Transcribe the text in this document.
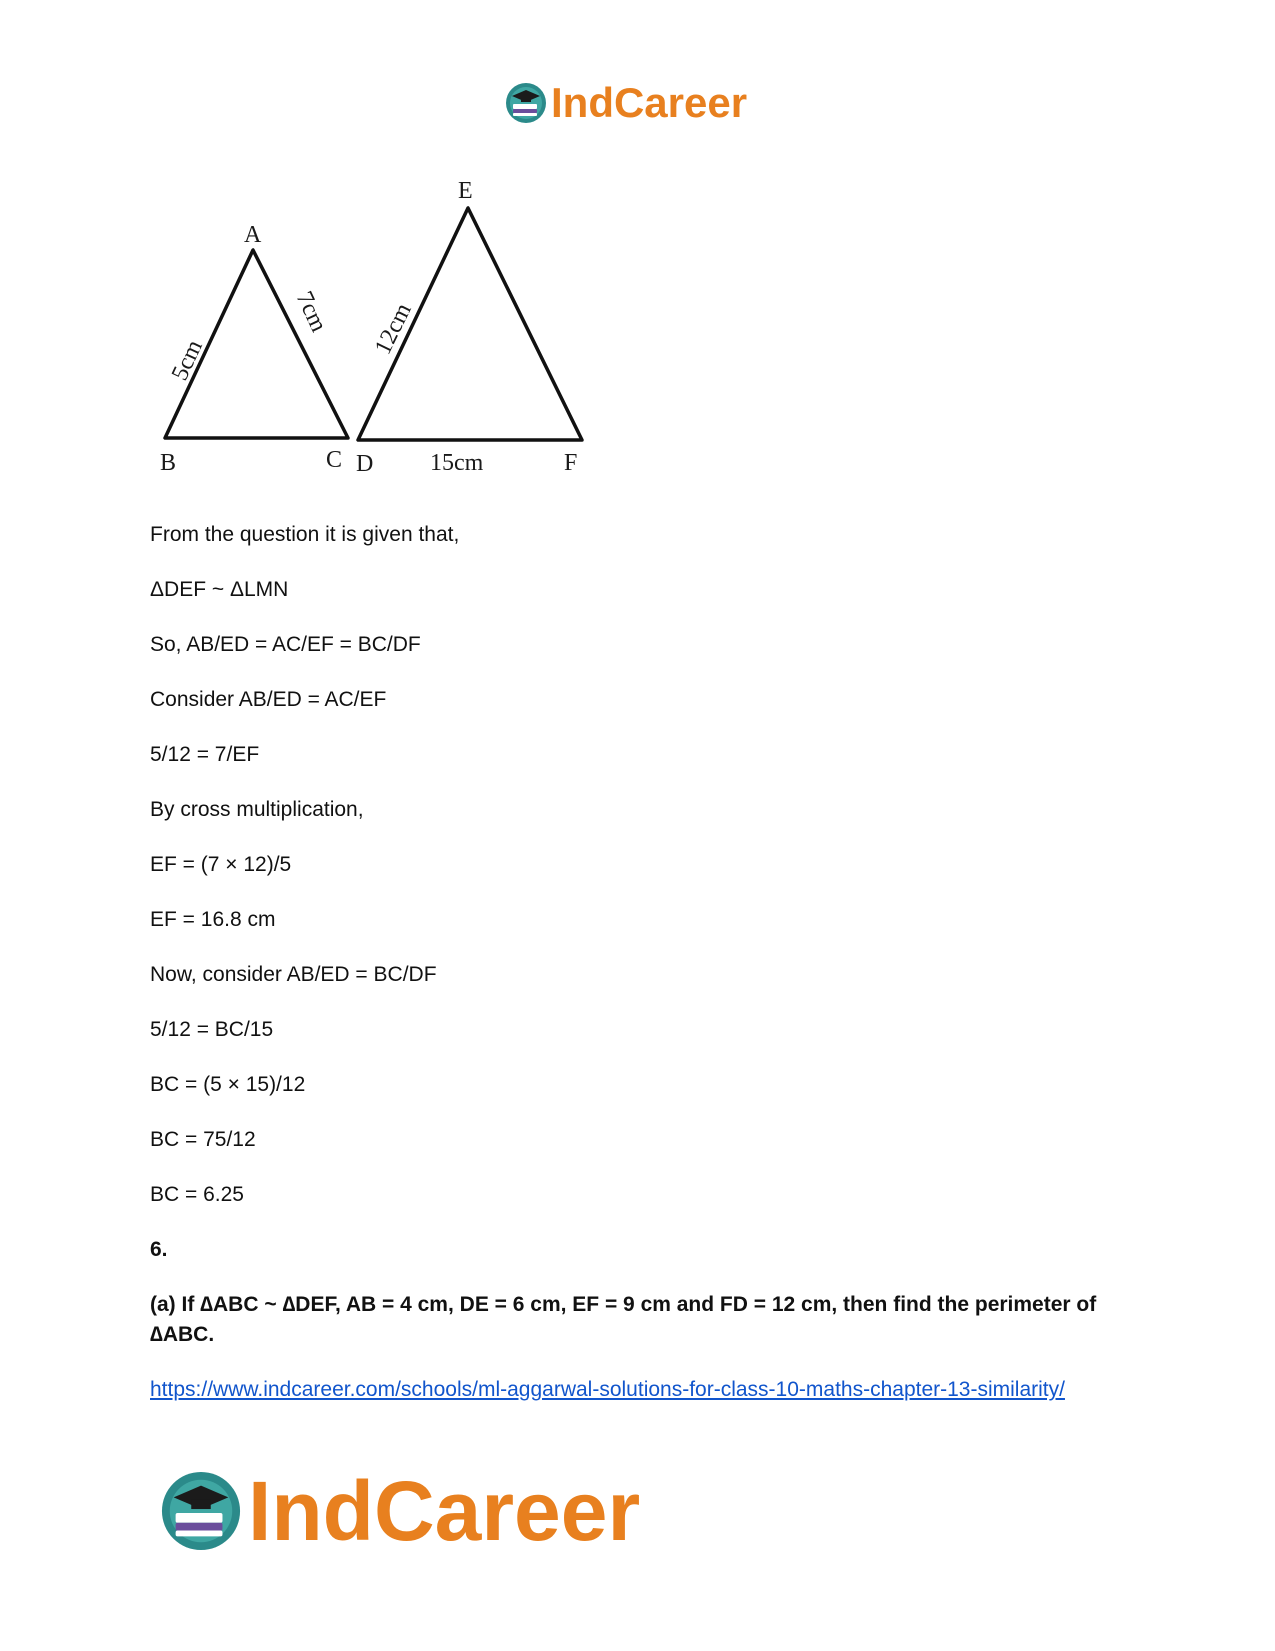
IndCareer
A
B	C
5cm
7cm
E
D	F
12cm
15cm
From the question it is given that,
ΔDEF ~ ΔLMN
So, AB/ED = AC/EF = BC/DF
Consider AB/ED = AC/EF
5/12 = 7/EF
By cross multiplication,
EF = (7 × 12)/5
EF = 16.8 cm
Now, consider AB/ED = BC/DF
5/12 = BC/15
BC = (5 × 15)/12
BC = 75/12
BC = 6.25
6.
(a) If ∆ABC ~ ∆DEF, AB = 4 cm, DE = 6 cm, EF = 9 cm and FD = 12 cm, then find the perimeter of ∆ABC.
https://www.indcareer.com/schools/ml-aggarwal-solutions-for-class-10-maths-chapter-13-similarity/
IndCareer
